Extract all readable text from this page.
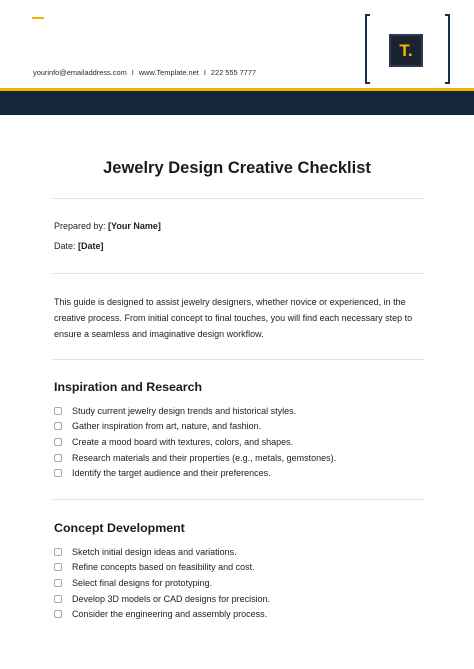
yourinfo@emailaddress.com I www.Template.net I 222 555 7777
T.
Jewelry Design Creative Checklist
Prepared by: [Your Name]
Date: [Date]

This guide is designed to assist jewelry designers, whether novice or experienced, in the creative process. From initial concept to final touches, you will find each necessary step to ensure a seamless and imaginative design workflow.

Inspiration and Research
Study current jewelry design trends and historical styles.
Gather inspiration from art, nature, and fashion.
Create a mood board with textures, colors, and shapes.
Research materials and their properties (e.g., metals, gemstones).
Identify the target audience and their preferences.
Concept Development
Sketch initial design ideas and variations.
Refine concepts based on feasibility and cost.
Select final designs for prototyping.
Develop 3D models or CAD designs for precision.
Consider the engineering and assembly process.
